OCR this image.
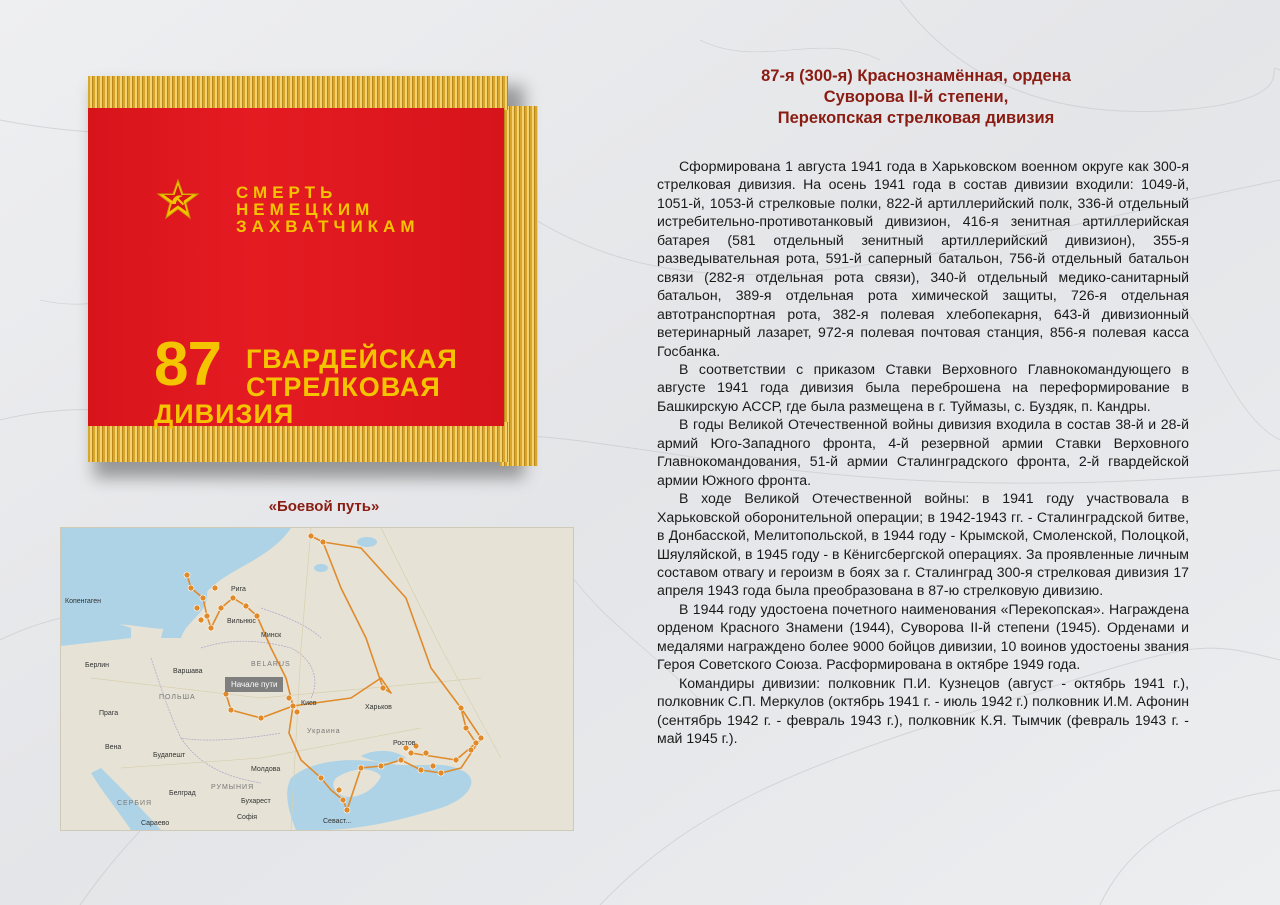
СМЕРТЬ
НЕМЕЦКИМ
ЗАХВАТЧИКАМ
87 ГВАРДЕЙСКАЯ
СТРЕЛКОВАЯ
ДИВИЗИЯ
«Боевой путь»
Рига
Копенгаген
Вильнюс
Минск
BELARUS
Берлин
Варшава
ПОЛЬША
Прага
Киев
Харьков
Вена
Будапешт
Украина
РУМЫНИЯ
Бухарест
Белград
СЕРБИЯ
Софія
Сараево	Севаст...
Ростов
Молдова
Начале пути
87-я (300-я) Краснознамённая, ордена
Суворова II-й степени,
Перекопская стрелковая дивизия

Сформирована 1 августа 1941 года в Харьковском военном округе как 300-я стрелковая дивизия. На осень 1941 года в состав дивизии входили: 1049-й, 1051-й, 1053-й стрелковые полки, 822-й артиллерийский полк, 336-й отдельный истребительно-противотанковый дивизион, 416-я зенитная артиллерийская батарея (581 отдельный зенитный артиллерийский дивизион), 355-я разведывательная рота, 591-й саперный батальон, 756-й отдельный батальон связи (282-я отдельная рота связи), 340-й отдельный медико-санитарный батальон, 389-я отдельная рота химической защиты, 726-я отдельная автотранспортная рота, 382-я полевая хлебопекарня, 643-й дивизионный ветеринарный лазарет, 972-я полевая почтовая станция, 856-я полевая касса Госбанка.

В соответствии с приказом Ставки Верховного Главнокомандующего в августе 1941 года дивизия была переброшена на переформирование в Башкирскую АССР, где была размещена в г. Туймазы, с. Буздяк, п. Кандры.

В годы Великой Отечественной войны дивизия входила в состав 38-й и 28-й армий Юго-Западного фронта, 4-й резервной армии Ставки Верховного Главнокомандования, 51-й армии Сталинградского фронта, 2-й гвардейской армии Южного фронта.

В ходе Великой Отечественной войны: в 1941 году участвовала в Харьковской оборонительной операции; в 1942-1943 гг. - Сталинградской битве, в Донбасской, Мелитопольской, в 1944 году - Крымской, Смоленской, Полоцкой, Шяуляйской, в 1945 году - в Кёнигсбергской операциях. За проявленные личным составом отвагу и героизм в боях за г. Сталинград 300-я стрелковая дивизия 17 апреля 1943 года была преобразована в 87-ю стрелковую дивизию.

В 1944 году удостоена почетного наименования «Перекопская». Награждена орденом Красного Знамени (1944), Суворова II-й степени (1945). Орденами и медалями награждено более 9000 бойцов дивизии, 10 воинов удостоены звания Героя Советского Союза. Расформирована в октябре 1949 года.

Командиры дивизии: полковник П.И. Кузнецов (август - октябрь 1941 г.), полковник С.П. Меркулов (октябрь 1941 г. - июль 1942 г.) полковник И.М. Афонин (сентябрь 1942 г. - февраль 1943 г.), полковник К.Я. Тымчик (февраль 1943 г. - май 1945 г.).
